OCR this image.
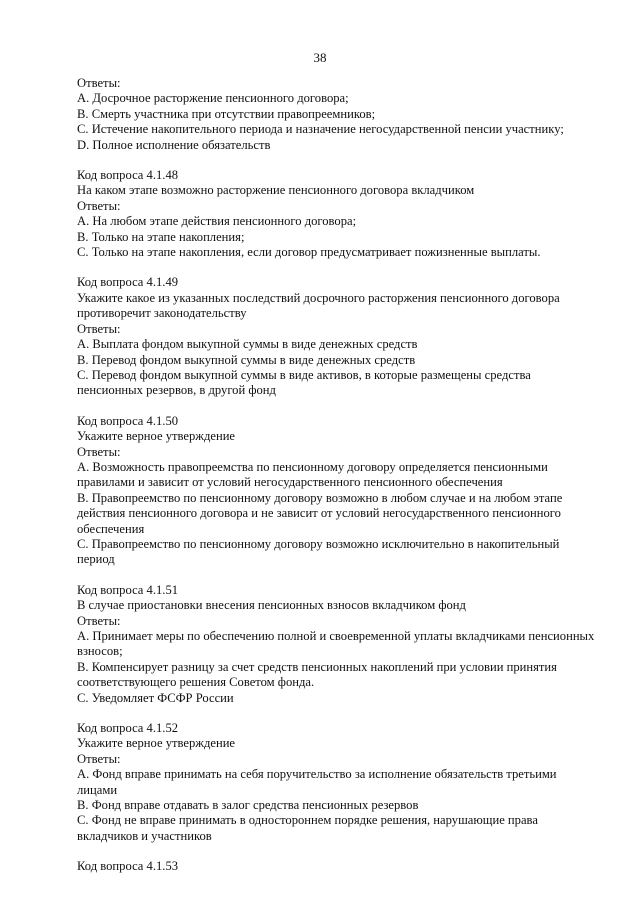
38
Ответы:
A. Досрочное расторжение пенсионного договора;
B. Смерть участника при отсутствии правопреемников;
C. Истечение накопительного периода и назначение негосударственной пенсии участнику;
D. Полное исполнение обязательств
Код вопроса 4.1.48
На каком этапе возможно расторжение пенсионного договора вкладчиком
Ответы:
A. На любом этапе действия пенсионного договора;
B. Только на этапе накопления;
C. Только на этапе накопления, если договор предусматривает пожизненные выплаты.
Код вопроса 4.1.49
Укажите какое из указанных последствий досрочного расторжения пенсионного договора противоречит законодательству
Ответы:
A. Выплата фондом выкупной суммы в виде денежных средств
B. Перевод фондом выкупной суммы в виде денежных средств
C. Перевод фондом выкупной суммы в виде активов, в которые размещены средства пенсионных резервов, в другой фонд
Код вопроса 4.1.50
Укажите верное утверждение
Ответы:
A. Возможность правопреемства по пенсионному договору определяется пенсионными правилами и зависит от условий негосударственного пенсионного обеспечения
B. Правопреемство по пенсионному договору возможно в любом случае и на любом этапе действия пенсионного договора и не зависит от условий негосударственного пенсионного обеспечения
C. Правопреемство по пенсионному договору возможно исключительно в накопительный период
Код вопроса 4.1.51
В случае приостановки внесения пенсионных взносов вкладчиком фонд
Ответы:
A. Принимает меры по обеспечению полной и своевременной уплаты вкладчиками пенсионных взносов;
B. Компенсирует разницу за счет средств пенсионных накоплений при условии принятия соответствующего решения Советом фонда.
C. Уведомляет ФСФР России
Код вопроса 4.1.52
Укажите верное утверждение
Ответы:
A. Фонд вправе принимать на себя поручительство за исполнение обязательств третьими лицами
B. Фонд вправе отдавать в залог средства пенсионных резервов
C. Фонд не вправе принимать в одностороннем порядке решения, нарушающие права вкладчиков и участников
Код вопроса 4.1.53
